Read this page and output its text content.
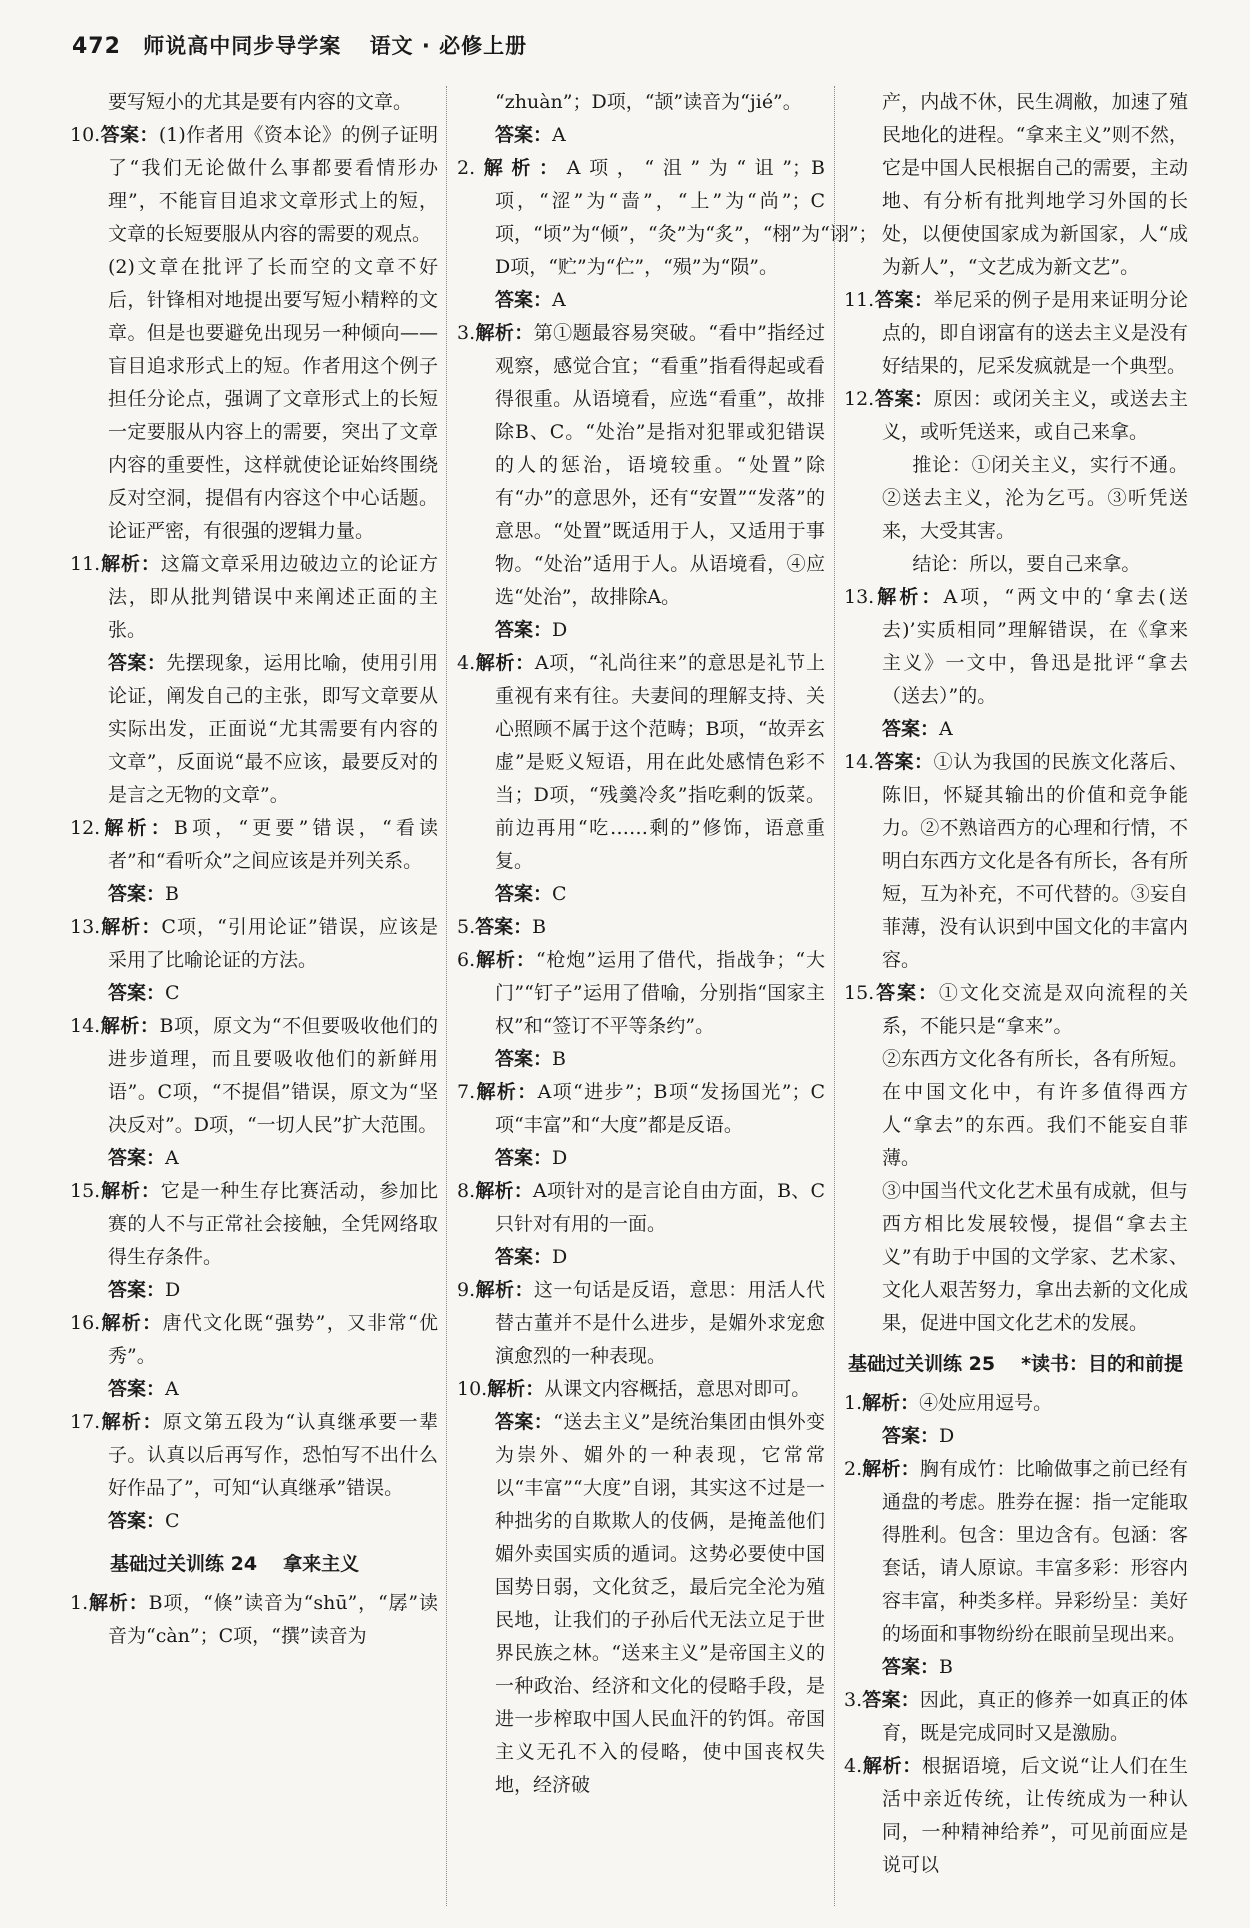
472 师说高中同步导学案 语文 · 必修上册

要写短小的尤其是要有内容的文章。

10.答案：(1)作者用《资本论》的例子证明了“我们无论做什么事都要看情形办理”，不能盲目追求文章形式上的短，文章的长短要服从内容的需要的观点。

(2)文章在批评了长而空的文章不好后，针锋相对地提出要写短小精粹的文章。但是也要避免出现另一种倾向——盲目追求形式上的短。作者用这个例子担任分论点，强调了文章形式上的长短一定要服从内容上的需要，突出了文章内容的重要性，这样就使论证始终围绕反对空洞，提倡有内容这个中心话题。论证严密，有很强的逻辑力量。

11.解析：这篇文章采用边破边立的论证方法，即从批判错误中来阐述正面的主张。

答案：先摆现象，运用比喻，使用引用论证，阐发自己的主张，即写文章要从实际出发，正面说“尤其需要有内容的文章”，反面说“最不应该，最要反对的是言之无物的文章”。

12.解析：B项，“更要”错误，“看读者”和“看听众”之间应该是并列关系。

答案：B

13.解析：C项，“引用论证”错误，应该是采用了比喻论证的方法。

答案：C

14.解析：B项，原文为“不但要吸收他们的进步道理，而且要吸收他们的新鲜用语”。C项，“不提倡”错误，原文为“坚决反对”。D项，“一切人民”扩大范围。

答案：A

15.解析：它是一种生存比赛活动，参加比赛的人不与正常社会接触，全凭网络取得生存条件。

答案：D

16.解析：唐代文化既“强势”，又非常“优秀”。

答案：A

17.解析：原文第五段为“认真继承要一辈子。认真以后再写作，恐怕写不出什么好作品了”，可知“认真继承”错误。

答案：C

基础过关训练 24 拿来主义

1.解析：B项，“倏”读音为“shū”，“孱”读音为“càn”；C项，“撰”读音为

“zhuàn”；D项，“颉”读音为“jié”。

答案：A

2.解析：A项，“沮”为“诅”；B项，“涩”为“啬”，“上”为“尚”；C项，“顷”为“倾”，“灸”为“炙”，“栩”为“诩”；D项，“贮”为“伫”，“殒”为“陨”。

答案：A

3.解析：第①题最容易突破。“看中”指经过观察，感觉合宜；“看重”指看得起或看得很重。从语境看，应选“看重”，故排除B、C。“处治”是指对犯罪或犯错误的人的惩治，语境较重。“处置”除有“办”的意思外，还有“安置”“发落”的意思。“处置”既适用于人，又适用于事物。“处治”适用于人。从语境看，④应选“处治”，故排除A。

答案：D

4.解析：A项，“礼尚往来”的意思是礼节上重视有来有往。夫妻间的理解支持、关心照顾不属于这个范畴；B项，“故弄玄虚”是贬义短语，用在此处感情色彩不当；D项，“残羹冷炙”指吃剩的饭菜。前边再用“吃……剩的”修饰，语意重复。

答案：C

5.答案：B

6.解析：“枪炮”运用了借代，指战争；“大门”“钉子”运用了借喻，分别指“国家主权”和“签订不平等条约”。

答案：B

7.解析：A项“进步”；B项“发扬国光”；C项“丰富”和“大度”都是反语。

答案：D

8.解析：A项针对的是言论自由方面，B、C只针对有用的一面。

答案：D

9.解析：这一句话是反语，意思：用活人代替古董并不是什么进步，是媚外求宠愈演愈烈的一种表现。

10.解析：从课文内容概括，意思对即可。

答案：“送去主义”是统治集团由惧外变为崇外、媚外的一种表现，它常常以“丰富”“大度”自诩，其实这不过是一种拙劣的自欺欺人的伎俩，是掩盖他们媚外卖国实质的遁词。这势必要使中国国势日弱，文化贫乏，最后完全沦为殖民地，让我们的子孙后代无法立足于世界民族之林。“送来主义”是帝国主义的一种政治、经济和文化的侵略手段，是进一步榨取中国人民血汗的钓饵。帝国主义无孔不入的侵略，使中国丧权失地，经济破

产，内战不休，民生凋敝，加速了殖民地化的进程。“拿来主义”则不然，它是中国人民根据自己的需要，主动地、有分析有批判地学习外国的长处，以便使国家成为新国家，人“成为新人”，“文艺成为新文艺”。

11.答案：举尼采的例子是用来证明分论点的，即自诩富有的送去主义是没有好结果的，尼采发疯就是一个典型。

12.答案：原因：或闭关主义，或送去主义，或听凭送来，或自己来拿。

推论：①闭关主义，实行不通。②送去主义，沦为乞丐。③听凭送来，大受其害。

结论：所以，要自己来拿。

13.解析：A项，“两文中的‘拿去(送去)’实质相同”理解错误，在《拿来主义》一文中，鲁迅是批评“拿去（送去）”的。

答案：A

14.答案：①认为我国的民族文化落后、陈旧，怀疑其输出的价值和竞争能力。②不熟谙西方的心理和行情，不明白东西方文化是各有所长，各有所短，互为补充，不可代替的。③妄自菲薄，没有认识到中国文化的丰富内容。

15.答案：①文化交流是双向流程的关系，不能只是“拿来”。

②东西方文化各有所长，各有所短。在中国文化中，有许多值得西方人“拿去”的东西。我们不能妄自菲薄。

③中国当代文化艺术虽有成就，但与西方相比发展较慢，提倡“拿去主义”有助于中国的文学家、艺术家、文化人艰苦努力，拿出去新的文化成果，促进中国文化艺术的发展。

基础过关训练 25 *读书：目的和前提

1.解析：④处应用逗号。

答案：D

2.解析：胸有成竹：比喻做事之前已经有通盘的考虑。胜券在握：指一定能取得胜利。包含：里边含有。包涵：客套话，请人原谅。丰富多彩：形容内容丰富，种类多样。异彩纷呈：美好的场面和事物纷纷在眼前呈现出来。

答案：B

3.答案：因此，真正的修养一如真正的体育，既是完成同时又是激励。

4.解析：根据语境，后文说“让人们在生活中亲近传统，让传统成为一种认同，一种精神给养”，可见前面应是说可以
